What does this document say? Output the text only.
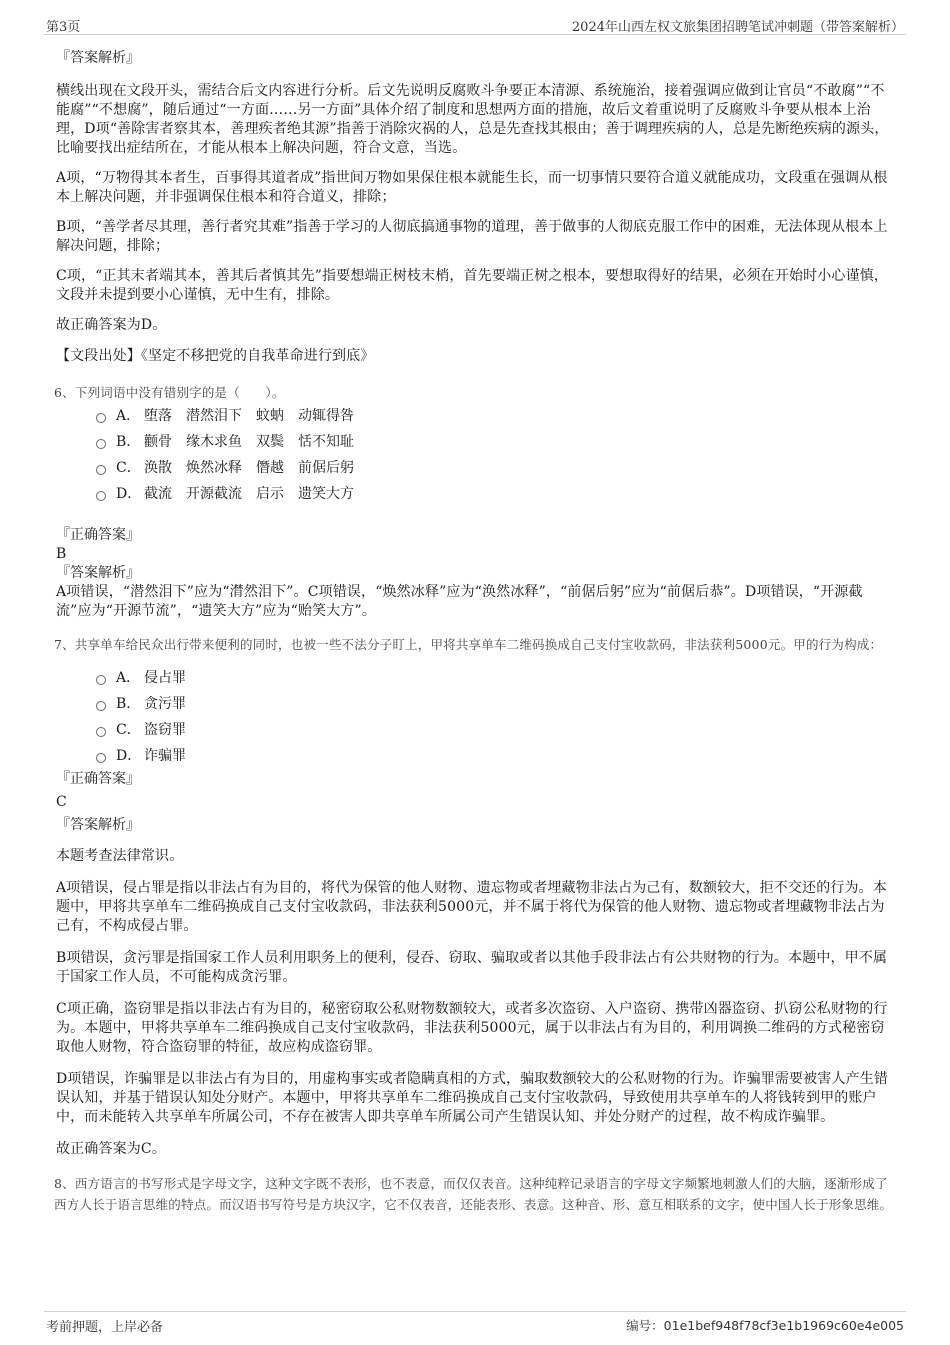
第3页	2024年山西左权文旅集团招聘笔试冲刺题（带答案解析）

『答案解析』

横线出现在文段开头，需结合后文内容进行分析。后文先说明反腐败斗争要正本清源、系统施治，接着强调应做到让官员“不敢腐”“不能腐”“不想腐”，随后通过“一方面……另一方面”具体介绍了制度和思想两方面的措施，故后文着重说明了反腐败斗争要从根本上治理，D项“善除害者察其本，善理疾者绝其源”指善于消除灾祸的人，总是先查找其根由；善于调理疾病的人，总是先断绝疾病的源头，比喻要找出症结所在，才能从根本上解决问题，符合文意，当选。

A项，“万物得其本者生，百事得其道者成”指世间万物如果保住根本就能生长，而一切事情只要符合道义就能成功，文段重在强调从根本上解决问题，并非强调保住根本和符合道义，排除；

B项，“善学者尽其理，善行者究其难”指善于学习的人彻底搞通事物的道理，善于做事的人彻底克服工作中的困难，无法体现从根本上解决问题，排除；

C项，“正其末者端其本，善其后者慎其先”指要想端正树枝末梢，首先要端正树之根本，要想取得好的结果，必须在开始时小心谨慎，文段并未提到要小心谨慎，无中生有，排除。

故正确答案为D。

【文段出处】《坚定不移把党的自我革命进行到底》

6、下列词语中没有错别字的是（　　）。

A． 堕落　潜然泪下　蚊蚋　动辄得咎
B． 颧骨　缘木求鱼　双鬓　恬不知耻
C． 涣散　焕然冰释　僭越　前倨后躬
D． 截流　开源截流　启示　遗笑大方

『正确答案』

B

『答案解析』

A项错误，“潜然泪下”应为“潸然泪下”。C项错误，“焕然冰释”应为“涣然冰释”，“前倨后躬”应为“前倨后恭”。D项错误，“开源截流”应为“开源节流”，“遗笑大方”应为“贻笑大方”。

7、共享单车给民众出行带来便利的同时，也被一些不法分子盯上，甲将共享单车二维码换成自己支付宝收款码，非法获利5000元。甲的行为构成：

A． 侵占罪
B． 贪污罪
C． 盗窃罪
D． 诈骗罪

『正确答案』

C

『答案解析』

本题考查法律常识。

A项错误，侵占罪是指以非法占有为目的，将代为保管的他人财物、遗忘物或者埋藏物非法占为己有，数额较大，拒不交还的行为。本题中，甲将共享单车二维码换成自己支付宝收款码，非法获利5000元，并不属于将代为保管的他人财物、遗忘物或者埋藏物非法占为己有，不构成侵占罪。

B项错误，贪污罪是指国家工作人员利用职务上的便利，侵吞、窃取、骗取或者以其他手段非法占有公共财物的行为。本题中，甲不属于国家工作人员，不可能构成贪污罪。

C项正确，盗窃罪是指以非法占有为目的，秘密窃取公私财物数额较大，或者多次盗窃、入户盗窃、携带凶器盗窃、扒窃公私财物的行为。本题中，甲将共享单车二维码换成自己支付宝收款码，非法获利5000元，属于以非法占有为目的，利用调换二维码的方式秘密窃取他人财物，符合盗窃罪的特征，故应构成盗窃罪。

D项错误，诈骗罪是以非法占有为目的，用虚构事实或者隐瞒真相的方式，骗取数额较大的公私财物的行为。诈骗罪需要被害人产生错误认知，并基于错误认知处分财产。本题中，甲将共享单车二维码换成自己支付宝收款码，导致使用共享单车的人将钱转到甲的账户中，而未能转入共享单车所属公司，不存在被害人即共享单车所属公司产生错误认知、并处分财产的过程，故不构成诈骗罪。

故正确答案为C。

8、西方语言的书写形式是字母文字，这种文字既不表形，也不表意，而仅仅表音。这种纯粹记录语言的字母文字频繁地刺激人们的大脑，逐渐形成了西方人长于语言思维的特点。而汉语书写符号是方块汉字，它不仅表音，还能表形、表意。这种音、形、意互相联系的文字，使中国人长于形象思维。

考前押题，上岸必备	编号：01e1bef948f78cf3e1b1969c60e4e005
